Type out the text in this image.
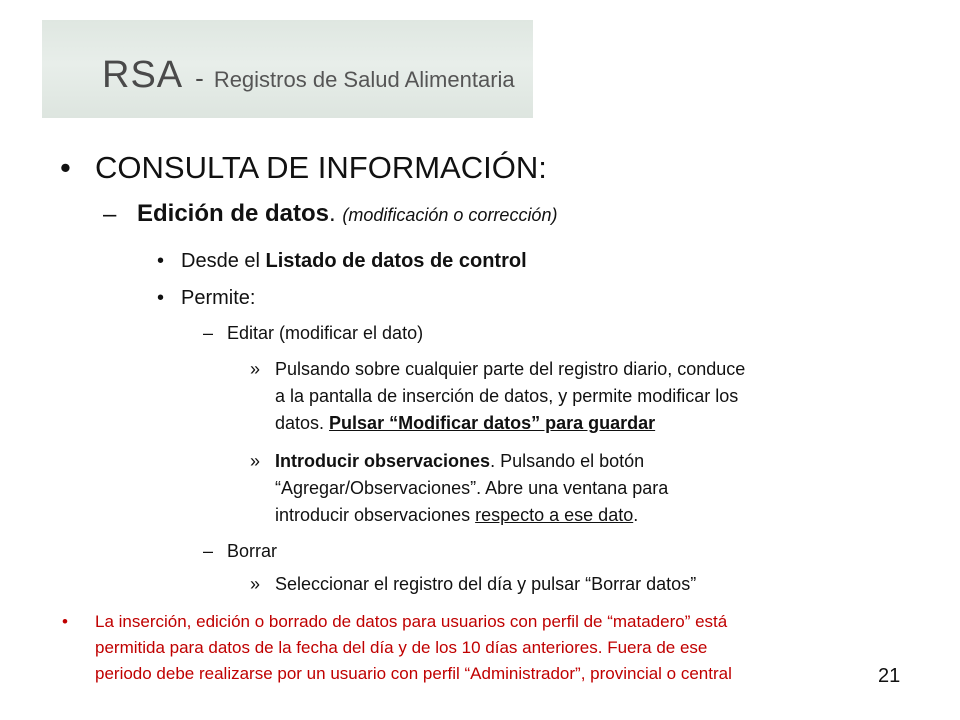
RSA - Registros de Salud Alimentaria
• CONSULTA DE INFORMACIÓN:
– Edición de datos. (modificación o corrección)
• Desde el Listado de datos de control
• Permite:
– Editar (modificar el dato)
» Pulsando sobre cualquier parte del registro diario, conduce
a la pantalla de inserción de datos, y permite modificar los
datos. Pulsar “Modificar datos” para guardar
» Introducir observaciones. Pulsando el botón
“Agregar/Observaciones”. Abre una ventana para
introducir observaciones respecto a ese dato.
– Borrar
» Seleccionar el registro del día y pulsar “Borrar datos”
• La inserción, edición o borrado de datos para usuarios con perfil de “matadero” está
permitida para datos de la fecha del día y de los 10 días anteriores. Fuera de ese
periodo debe realizarse por un usuario con perfil “Administrador”, provincial o central	21
